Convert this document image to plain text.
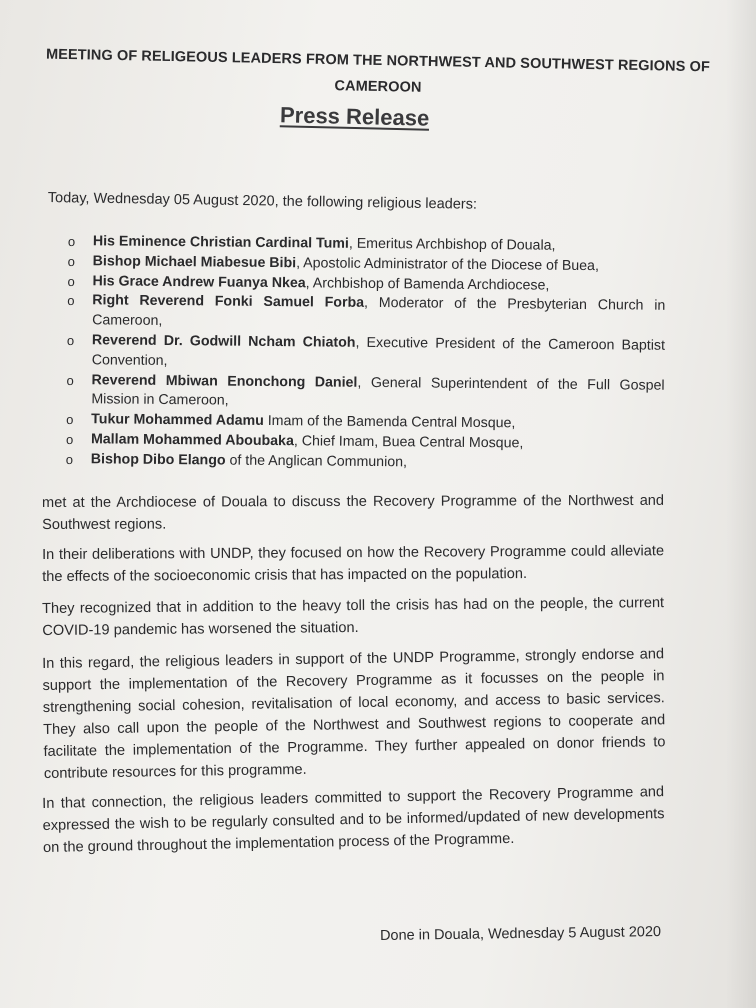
MEETING OF RELIGEOUS LEADERS FROM THE NORTHWEST AND SOUTHWEST REGIONS OF
CAMEROON
Press Release
Today, Wednesday 05 August 2020, the following religious leaders:
o His Eminence Christian Cardinal Tumi, Emeritus Archbishop of Douala,
o Bishop Michael Miabesue Bibi, Apostolic Administrator of the Diocese of Buea,
o His Grace Andrew Fuanya Nkea, Archbishop of Bamenda Archdiocese,
o Right Reverend Fonki Samuel Forba, Moderator of the Presbyterian Church in Cameroon,
o Reverend Dr. Godwill Ncham Chiatoh, Executive President of the Cameroon Baptist Convention,
o Reverend Mbiwan Enonchong Daniel, General Superintendent of the Full Gospel Mission in Cameroon,
o Tukur Mohammed Adamu Imam of the Bamenda Central Mosque,
o Mallam Mohammed Aboubaka, Chief Imam, Buea Central Mosque,
o Bishop Dibo Elango of the Anglican Communion,

met at the Archdiocese of Douala to discuss the Recovery Programme of the Northwest and Southwest regions.

In their deliberations with UNDP, they focused on how the Recovery Programme could alleviate the effects of the socioeconomic crisis that has impacted on the population.

They recognized that in addition to the heavy toll the crisis has had on the people, the current COVID-19 pandemic has worsened the situation.

In this regard, the religious leaders in support of the UNDP Programme, strongly endorse and support the implementation of the Recovery Programme as it focusses on the people in strengthening social cohesion, revitalisation of local economy, and access to basic services. They also call upon the people of the Northwest and Southwest regions to cooperate and facilitate the implementation of the Programme. They further appealed on donor friends to contribute resources for this programme.

In that connection, the religious leaders committed to support the Recovery Programme and expressed the wish to be regularly consulted and to be informed/updated of new developments on the ground throughout the implementation process of the Programme.

Done in Douala, Wednesday 5 August 2020
